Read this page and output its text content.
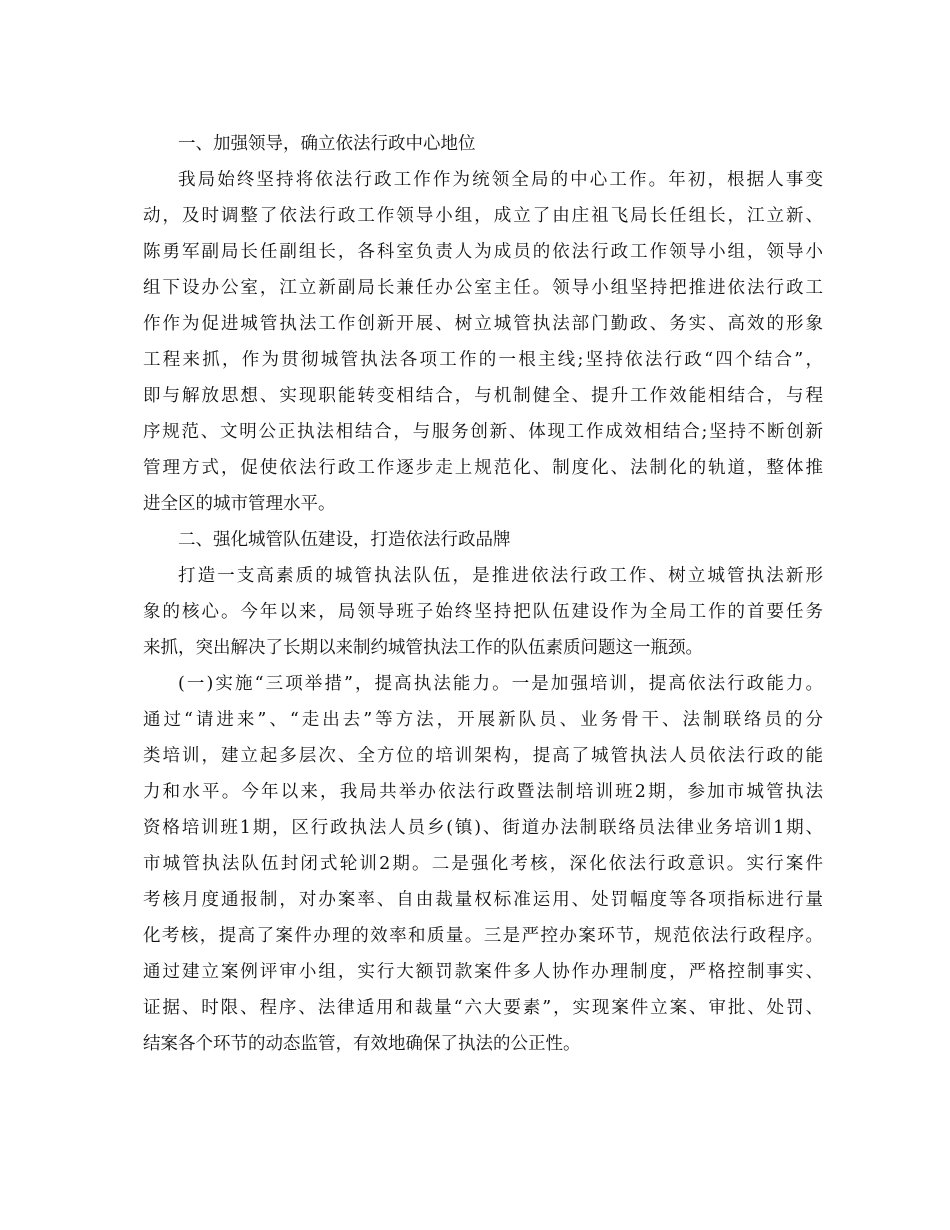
一、加强领导，确立依法行政中心地位
我局始终坚持将依法行政工作作为统领全局的中心工作。年初，根据人事变
动，及时调整了依法行政工作领导小组，成立了由庄祖飞局长任组长，江立新、
陈勇军副局长任副组长，各科室负责人为成员的依法行政工作领导小组，领导小
组下设办公室，江立新副局长兼任办公室主任。领导小组坚持把推进依法行政工
作作为促进城管执法工作创新开展、树立城管执法部门勤政、务实、高效的形象
工程来抓，作为贯彻城管执法各项工作的一根主线;坚持依法行政“四个结合”，
即与解放思想、实现职能转变相结合，与机制健全、提升工作效能相结合，与程
序规范、文明公正执法相结合，与服务创新、体现工作成效相结合;坚持不断创新
管理方式，促使依法行政工作逐步走上规范化、制度化、法制化的轨道，整体推
进全区的城市管理水平。
二、强化城管队伍建设，打造依法行政品牌
打造一支高素质的城管执法队伍，是推进依法行政工作、树立城管执法新形
象的核心。今年以来，局领导班子始终坚持把队伍建设作为全局工作的首要任务
来抓，突出解决了长期以来制约城管执法工作的队伍素质问题这一瓶颈。
(一)实施“三项举措”，提高执法能力。一是加强培训，提高依法行政能力。
通过“请进来”、“走出去”等方法，开展新队员、业务骨干、法制联络员的分
类培训，建立起多层次、全方位的培训架构，提高了城管执法人员依法行政的能
力和水平。今年以来，我局共举办依法行政暨法制培训班2期，参加市城管执法
资格培训班1期，区行政执法人员乡(镇)、街道办法制联络员法律业务培训1期、
市城管执法队伍封闭式轮训2期。二是强化考核，深化依法行政意识。实行案件
考核月度通报制，对办案率、自由裁量权标准运用、处罚幅度等各项指标进行量
化考核，提高了案件办理的效率和质量。三是严控办案环节，规范依法行政程序。
通过建立案例评审小组，实行大额罚款案件多人协作办理制度，严格控制事实、
证据、时限、程序、法律适用和裁量“六大要素”，实现案件立案、审批、处罚、
结案各个环节的动态监管，有效地确保了执法的公正性。
